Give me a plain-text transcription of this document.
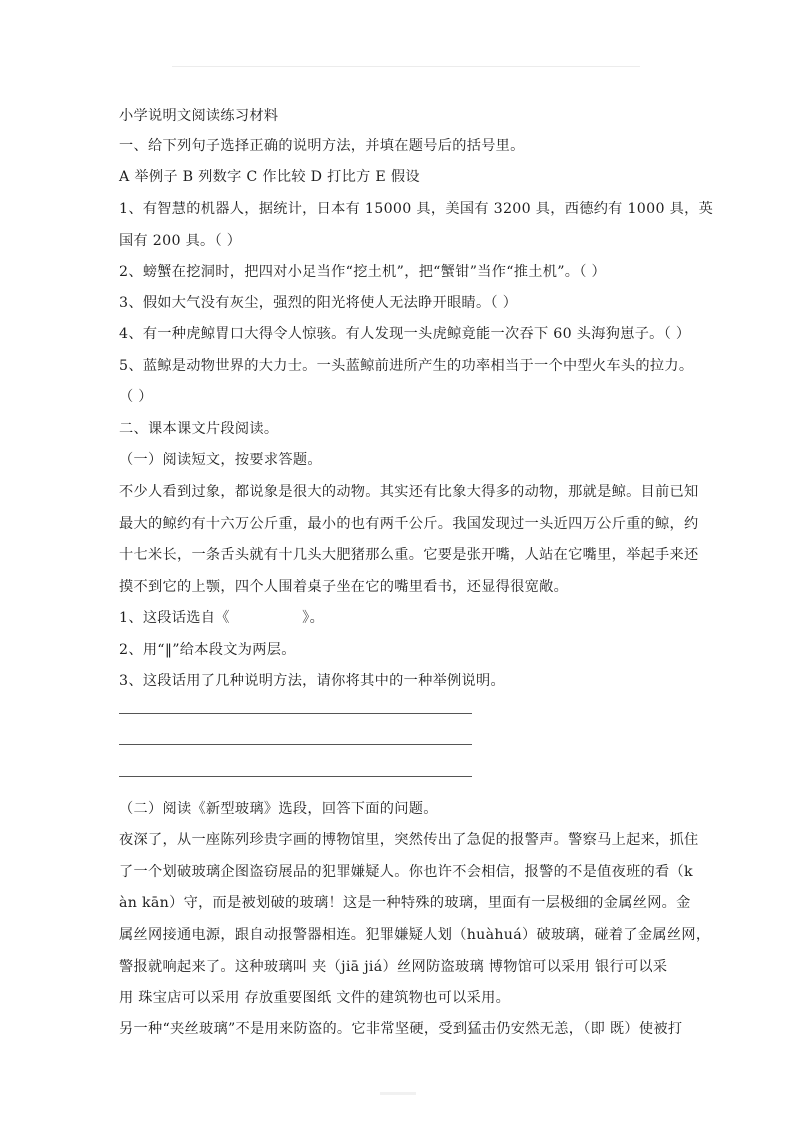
小学说明文阅读练习材料
一、给下列句子选择正确的说明方法，并填在题号后的括号里。
A 举例子 B 列数字 C 作比较 D 打比方 E 假设
1、有智慧的机器人，据统计，日本有 15000 具，美国有 3200 具，西德约有 1000 具，英
国有 200 具。（ ）
2、螃蟹在挖洞时，把四对小足当作“挖土机”，把“蟹钳”当作“推土机”。（ ）
3、假如大气没有灰尘，强烈的阳光将使人无法睁开眼睛。（ ）
4、有一种虎鲸胃口大得令人惊骇。有人发现一头虎鲸竟能一次吞下 60 头海狗崽子。（ ）
5、蓝鲸是动物世界的大力士。一头蓝鲸前进所产生的功率相当于一个中型火车头的拉力。
（ ）
二、课本课文片段阅读。
（一）阅读短文，按要求答题。
不少人看到过象，都说象是很大的动物。其实还有比象大得多的动物，那就是鲸。目前已知
最大的鲸约有十六万公斤重，最小的也有两千公斤。我国发现过一头近四万公斤重的鲸，约
十七米长，一条舌头就有十几头大肥猪那么重。它要是张开嘴，人站在它嘴里，举起手来还
摸不到它的上颚，四个人围着桌子坐在它的嘴里看书，还显得很宽敞。
1、这段话选自《　　　　　》。
2、用“‖”给本段文为两层。
3、这段话用了几种说明方法，请你将其中的一种举例说明。
（二）阅读《新型玻璃》选段，回答下面的问题。
夜深了，从一座陈列珍贵字画的博物馆里，突然传出了急促的报警声。警察马上起来，抓住
了一个划破玻璃企图盗窃展品的犯罪嫌疑人。你也许不会相信，报警的不是值夜班的看（k
àn kān）守，而是被划破的玻璃！这是一种特殊的玻璃，里面有一层极细的金属丝网。金
属丝网接通电源，跟自动报警器相连。犯罪嫌疑人划（huàhuá）破玻璃，碰着了金属丝网，
警报就响起来了。这种玻璃叫 夹（jiā jiá）丝网防盗玻璃 博物馆可以采用 银行可以采
用 珠宝店可以采用 存放重要图纸 文件的建筑物也可以采用。
另一种“夹丝玻璃”不是用来防盗的。它非常坚硬，受到猛击仍安然无恙，（即 既）使被打
